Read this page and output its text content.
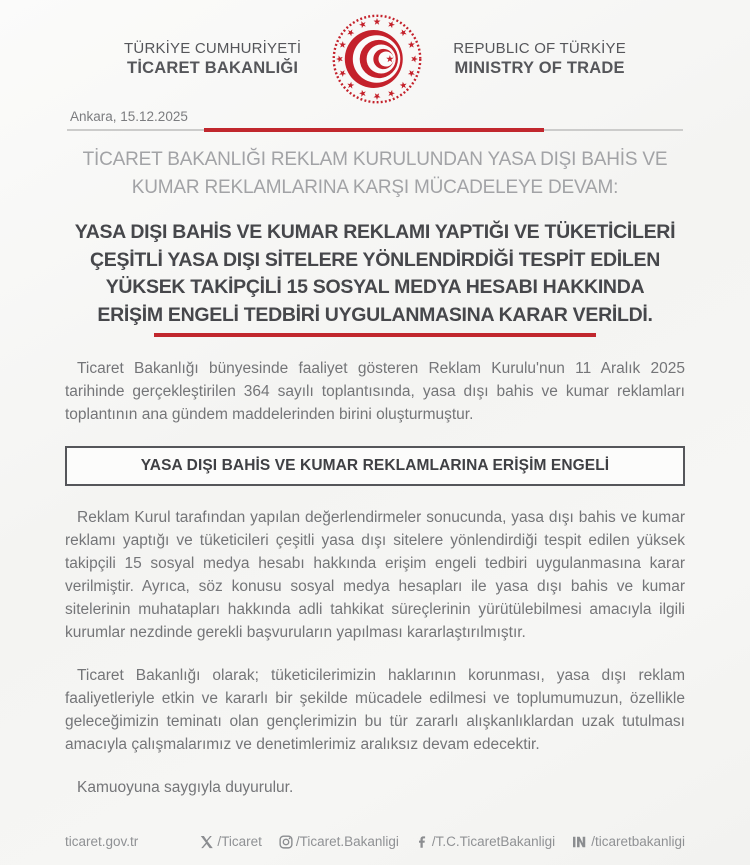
TÜRKİYE CUMHURİYETİ
TİCARET BAKANLIĞI
REPUBLIC OF TÜRKİYE
MINISTRY OF TRADE
Ankara, 15.12.2025
TİCARET BAKANLIĞI REKLAM KURULUNDAN YASA DIŞI BAHİS VE KUMAR REKLAMLARINA KARŞI MÜCADELEYE DEVAM:
YASA DIŞI BAHİS VE KUMAR REKLAMI YAPTIĞI VE TÜKETİCİLERİ ÇEŞİTLİ YASA DIŞI SİTELERE YÖNLENDİRDİĞİ TESPİT EDİLEN YÜKSEK TAKİPÇİLİ 15 SOSYAL MEDYA HESABI HAKKINDA ERİŞİM ENGELİ TEDBİRİ UYGULANMASINA KARAR VERİLDİ.

Ticaret Bakanlığı bünyesinde faaliyet gösteren Reklam Kurulu'nun 11 Aralık 2025 tarihinde gerçekleştirilen 364 sayılı toplantısında, yasa dışı bahis ve kumar reklamları toplantının ana gündem maddelerinden birini oluşturmuştur.

YASA DIŞI BAHİS VE KUMAR REKLAMLARINA ERİŞİM ENGELİ

Reklam Kurul tarafından yapılan değerlendirmeler sonucunda, yasa dışı bahis ve kumar reklamı yaptığı ve tüketicileri çeşitli yasa dışı sitelere yönlendirdiği tespit edilen yüksek takipçili 15 sosyal medya hesabı hakkında erişim engeli tedbiri uygulanmasına karar verilmiştir. Ayrıca, söz konusu sosyal medya hesapları ile yasa dışı bahis ve kumar sitelerinin muhatapları hakkında adli tahkikat süreçlerinin yürütülebilmesi amacıyla ilgili kurumlar nezdinde gerekli başvuruların yapılması kararlaştırılmıştır.

Ticaret Bakanlığı olarak; tüketicilerimizin haklarının korunması, yasa dışı reklam faaliyetleriyle etkin ve kararlı bir şekilde mücadele edilmesi ve toplumumuzun, özellikle geleceğimizin teminatı olan gençlerimizin bu tür zararlı alışkanlıklardan uzak tutulması amacıyla çalışmalarımız ve denetimlerimiz aralıksız devam edecektir.

Kamuoyuna saygıyla duyurulur.

ticaret.gov.tr	/Ticaret	/Ticaret.Bakanligi /T.C.TicaretBakanligi	/ticaretbakanligi
